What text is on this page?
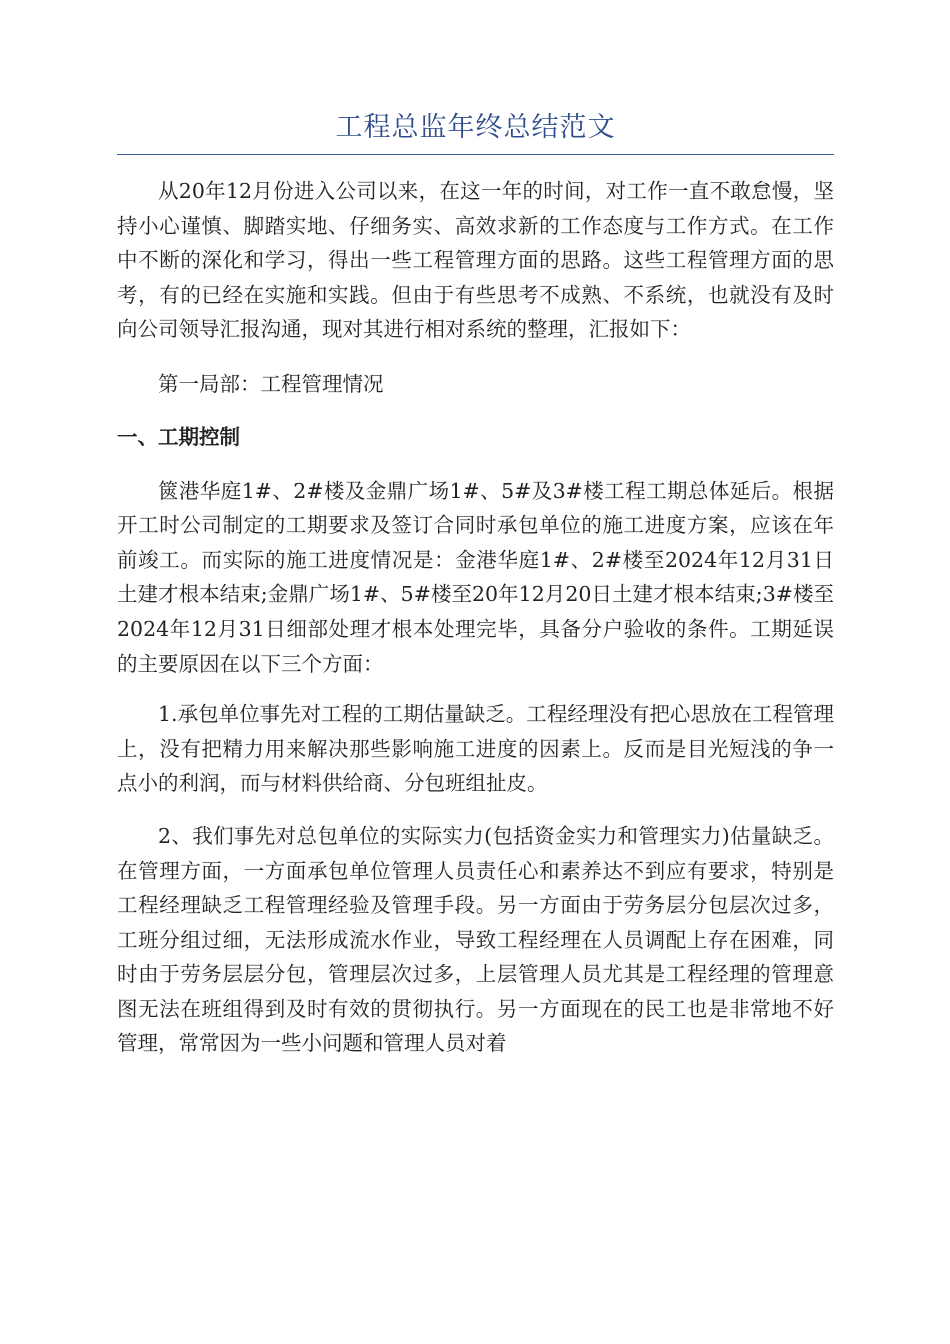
工程总监年终总结范文

从20年12月份进入公司以来，在这一年的时间，对工作一直不敢怠慢，坚持小心谨慎、脚踏实地、仔细务实、高效求新的工作态度与工作方式。在工作中不断的深化和学习，得出一些工程管理方面的思路。这些工程管理方面的思考，有的已经在实施和实践。但由于有些思考不成熟、不系统，也就没有及时向公司领导汇报沟通，现对其进行相对系统的整理，汇报如下：

第一局部：工程管理情况

一、工期控制

篋港华庭1#、2#楼及金鼎广场1#、5#及3#楼工程工期总体延后。根据开工时公司制定的工期要求及签订合同时承包单位的施工进度方案，应该在年前竣工。而实际的施工进度情况是：金港华庭1#、2#楼至2024年12月31日土建才根本结束;金鼎广场1#、5#楼至20年12月20日土建才根本结束;3#楼至2024年12月31日细部处理才根本处理完毕，具备分户验收的条件。工期延误的主要原因在以下三个方面：

1.承包单位事先对工程的工期估量缺乏。工程经理没有把心思放在工程管理上，没有把精力用来解决那些影响施工进度的因素上。反而是目光短浅的争一点小的利润，而与材料供给商、分包班组扯皮。

2、我们事先对总包单位的实际实力(包括资金实力和管理实力)估量缺乏。在管理方面，一方面承包单位管理人员责任心和素养达不到应有要求，特别是工程经理缺乏工程管理经验及管理手段。另一方面由于劳务层分包层次过多，工班分组过细，无法形成流水作业，导致工程经理在人员调配上存在困难，同时由于劳务层层分包，管理层次过多，上层管理人员尤其是工程经理的管理意图无法在班组得到及时有效的贯彻执行。另一方面现在的民工也是非常地不好管理，常常因为一些小问题和管理人员对着
